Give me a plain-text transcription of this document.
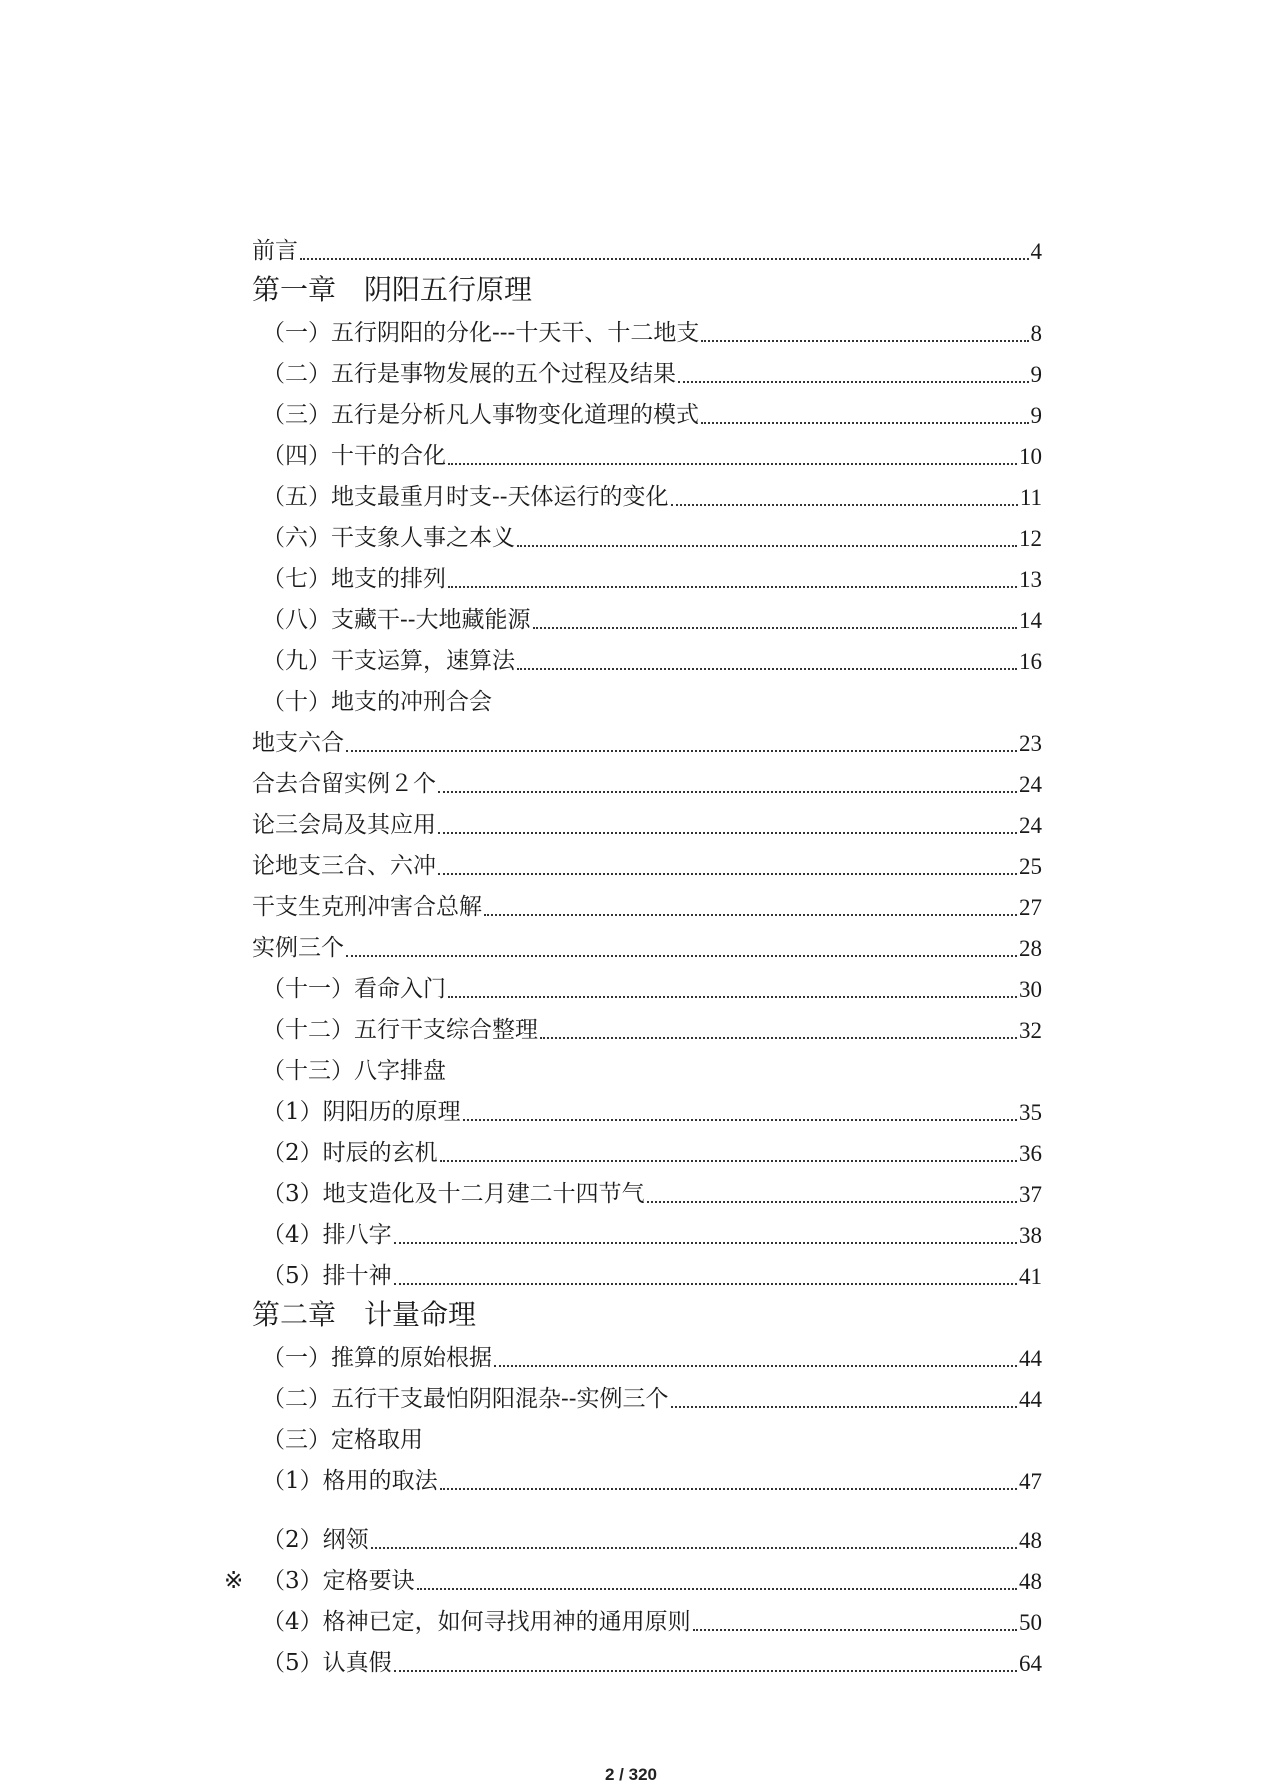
前言	4
第一章　阴阳五行原理
（一）五行阴阳的分化---十天干、十二地支	8
（二）五行是事物发展的五个过程及结果	9
（三）五行是分析凡人事物变化道理的模式	9
（四）十干的合化	10
（五）地支最重月时支--天体运行的变化	11
（六）干支象人事之本义	12
（七）地支的排列	13
（八）支藏干--大地藏能源	14
（九）干支运算，速算法	16
（十）地支的冲刑合会
地支六合	23
合去合留实例２个	24
论三会局及其应用	24
论地支三合、六冲	25
干支生克刑冲害合总解	27
实例三个	28
（十一）看命入门	30
（十二）五行干支综合整理	32
（十三）八字排盘
（1）阴阳历的原理	35
（2）时辰的玄机	36
（3）地支造化及十二月建二十四节气	37
（4）排八字	38
（5）排十神	41
第二章　计量命理
（一）推算的原始根据	44
（二）五行干支最怕阴阳混杂--实例三个	44
（三）定格取用
（1）格用的取法	47
（2）纲领	48
※ （3）定格要诀	48
（4）格神已定，如何寻找用神的通用原则	50
（5）认真假	64
2 / 320
